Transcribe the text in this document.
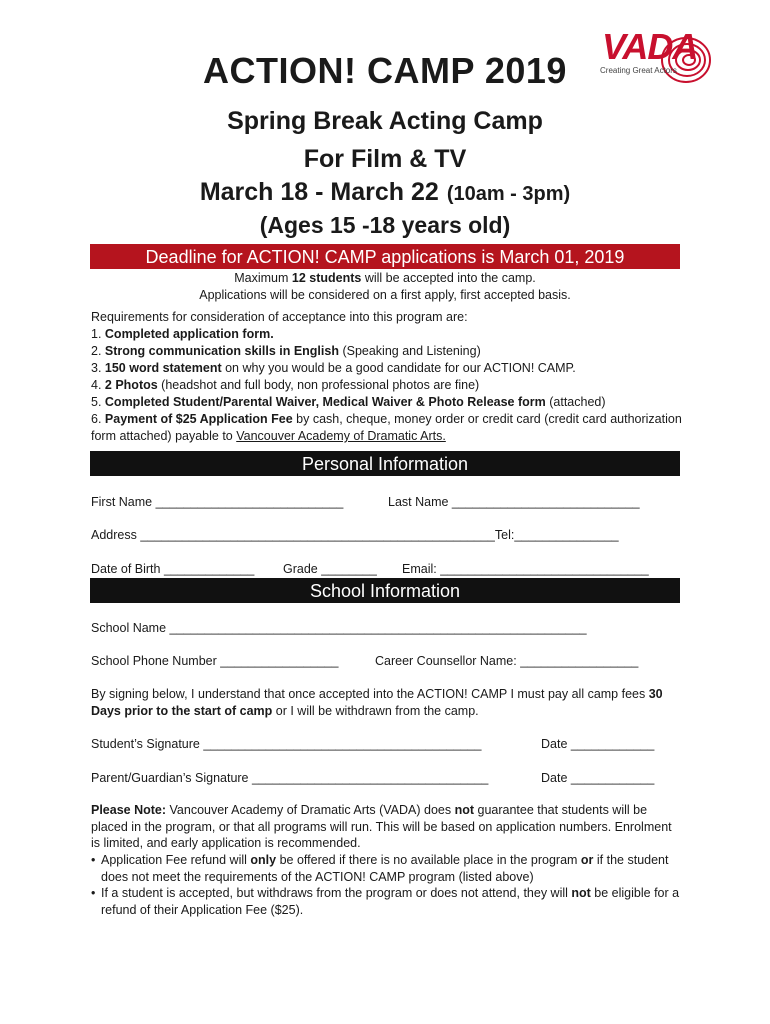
ACTION! CAMP 2019
VADA
Creating Great Actors
Spring Break Acting Camp
For Film & TV
March 18 - March 22 (10am - 3pm)
(Ages 15 -18 years old)
Deadline for ACTION! CAMP applications is March 01, 2019
Maximum 12 students will be accepted into the camp.
Applications will be considered on a first apply, first accepted basis.
Requirements for consideration of acceptance into this program are:
1. Completed application form.
2. Strong communication skills in English (Speaking and Listening)
3. 150 word statement on why you would be a good candidate for our ACTION! CAMP.
4. 2 Photos (headshot and full body, non professional photos are fine)
5. Completed Student/Parental Waiver, Medical Waiver & Photo Release form (attached)
6. Payment of $25 Application Fee by cash, cheque, money order or credit card (credit card authorization form attached) payable to Vancouver Academy of Dramatic Arts.
Personal Information
First Name ___________________________	Last Name ___________________________
Address ___________________________________________________Tel:_______________
Date of Birth _____________ Grade ________ Email: ______________________________
School Information
School Name ____________________________________________________________
School Phone Number _________________	Career Counsellor Name: _________________
By signing below, I understand that once accepted into the ACTION! CAMP I must pay all camp fees 30 Days prior to the start of camp or I will be withdrawn from the camp.
Student’s Signature ________________________________________	Date ____________
Parent/Guardian’s Signature __________________________________	Date ____________
Please Note: Vancouver Academy of Dramatic Arts (VADA) does not guarantee that students will be placed in the program, or that all programs will run. This will be based on application numbers. Enrolment is limited, and early application is recommended.
• Application Fee refund will only be offered if there is no available place in the program or if the student does not meet the requirements of the ACTION! CAMP program (listed above)
• If a student is accepted, but withdraws from the program or does not attend, they will not be eligible for a refund of their Application Fee ($25).
